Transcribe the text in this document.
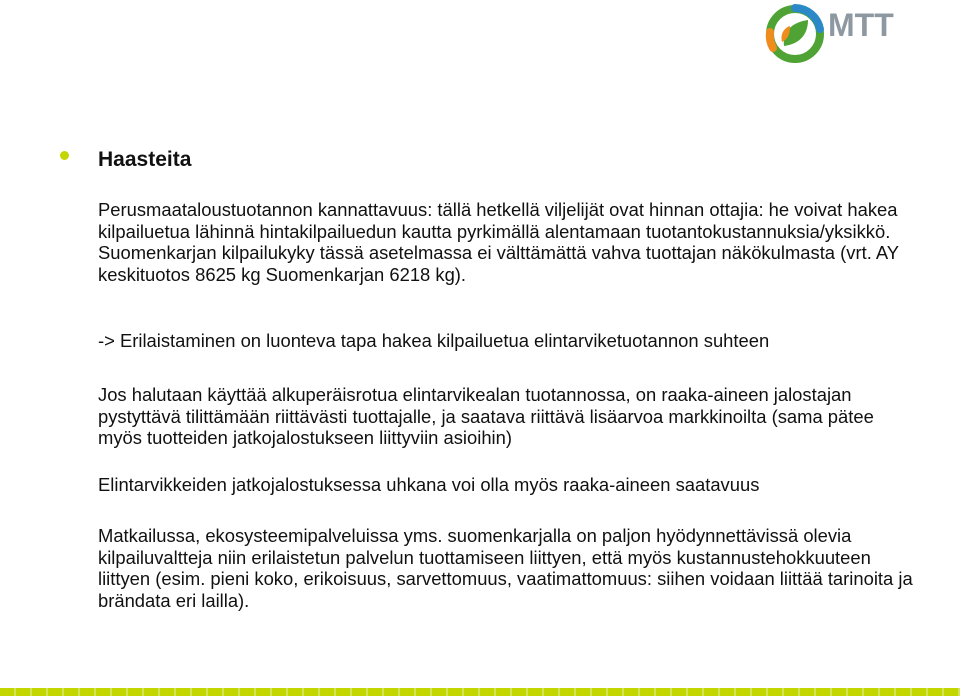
MTT
Haasteita

Perusmaataloustuotannon kannattavuus: tällä hetkellä viljelijät ovat hinnan ottajia: he voivat hakea kilpailuetua lähinnä hintakilpailuedun kautta pyrkimällä alentamaan tuotantokustannuksia/yksikkö. Suomenkarjan kilpailukyky tässä asetelmassa ei välttämättä vahva tuottajan näkökulmasta (vrt. AY keskituotos 8625 kg Suomenkarjan 6218 kg).

-> Erilaistaminen on luonteva tapa hakea kilpailuetua elintarviketuotannon suhteen

Jos halutaan käyttää alkuperäisrotua elintarvikealan tuotannossa, on raaka-aineen jalostajan pystyttävä tilittämään riittävästi tuottajalle, ja saatava riittävä lisäarvoa markkinoilta (sama pätee myös tuotteiden jatkojalostukseen liittyviin asioihin)

Elintarvikkeiden jatkojalostuksessa uhkana voi olla myös raaka-aineen saatavuus

Matkailussa, ekosysteemipalveluissa yms. suomenkarjalla on paljon hyödynnettävissä olevia kilpailuvaltteja niin erilaistetun palvelun tuottamiseen liittyen, että myös kustannustehokkuuteen liittyen (esim. pieni koko, erikoisuus, sarvettomuus, vaatimattomuus: siihen voidaan liittää tarinoita ja brändata eri lailla).
